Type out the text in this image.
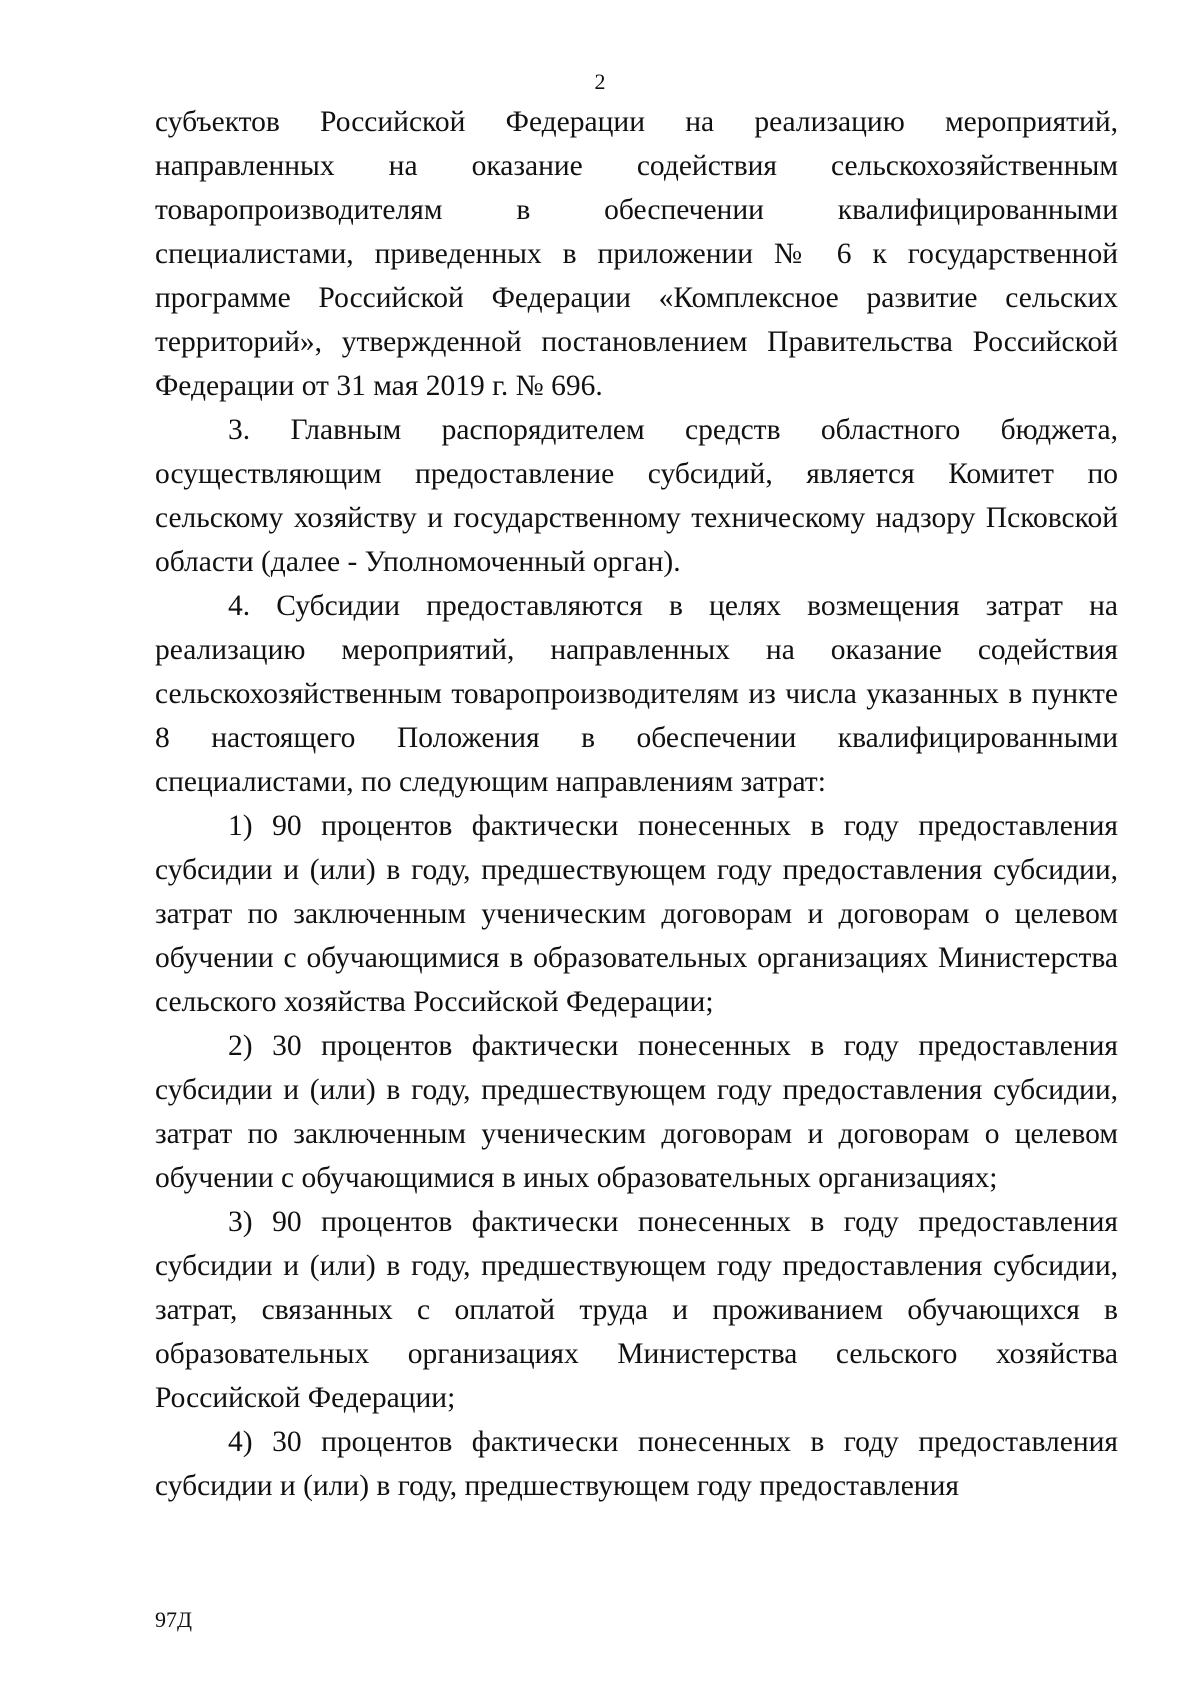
2

субъектов Российской Федерации на реализацию мероприятий, направленных на оказание содействия сельскохозяйственным товаропроизводителям в обеспечении квалифицированными специалистами, приведенных в приложении № 6 к государственной программе Российской Федерации «Комплексное развитие сельских территорий», утвержденной постановлением Правительства Российской Федерации от 31 мая 2019 г. № 696.

3. Главным распорядителем средств областного бюджета, осуществляющим предоставление субсидий, является Комитет по сельскому хозяйству и государственному техническому надзору Псковской области (далее - Уполномоченный орган).

4. Субсидии предоставляются в целях возмещения затрат на реализацию мероприятий, направленных на оказание содействия сельскохозяйственным товаропроизводителям из числа указанных в пункте 8 настоящего Положения в обеспечении квалифицированными специалистами, по следующим направлениям затрат:

1) 90 процентов фактически понесенных в году предоставления субсидии и (или) в году, предшествующем году предоставления субсидии, затрат по заключенным ученическим договорам и договорам о целевом обучении с обучающимися в образовательных организациях Министерства сельского хозяйства Российской Федерации;

2) 30 процентов фактически понесенных в году предоставления субсидии и (или) в году, предшествующем году предоставления субсидии, затрат по заключенным ученическим договорам и договорам о целевом обучении с обучающимися в иных образовательных организациях;

3) 90 процентов фактически понесенных в году предоставления субсидии и (или) в году, предшествующем году предоставления субсидии, затрат, связанных с оплатой труда и проживанием обучающихся в образовательных организациях Министерства сельского хозяйства Российской Федерации;

4) 30 процентов фактически понесенных в году предоставления субсидии и (или) в году, предшествующем году предоставления

97Д
